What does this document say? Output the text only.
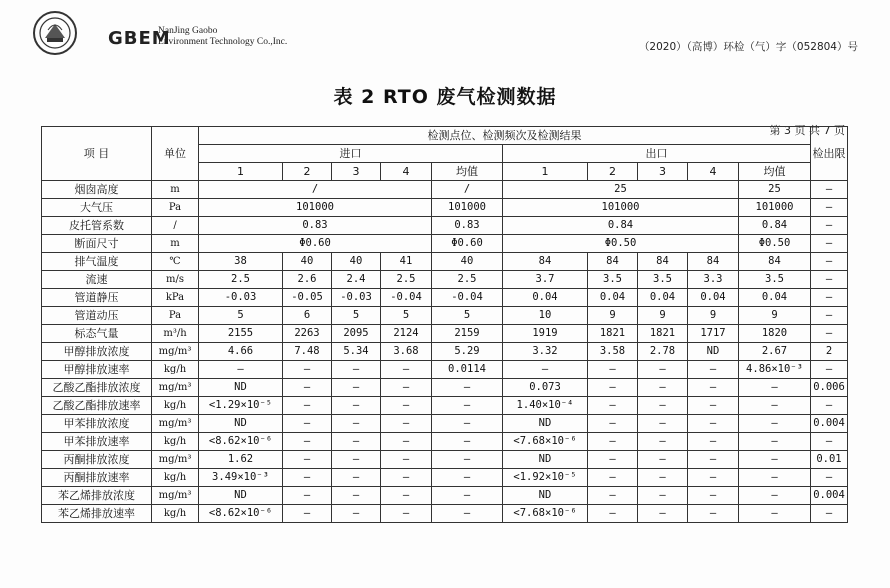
GBEM
NanJing Gaobo
Environment Technology Co.,Inc.	（2020）（高博）环检（气）字（052804）号
表 2 RTO 废气检测数据
第 3 页 共 7 页
项 目	单位	检测点位、检测频次及检测结果										检出限
		进口					出口					
		1	2	3	4	均值	1	2	3	4	均值	
烟囱高度	m	/				/	25				25	–
大气压	Pa	101000				101000	101000				101000	–
皮托管系数	/	0.83				0.83	0.84				0.84	–
断面尺寸	m	Φ0.60				Φ0.60	Φ0.50				Φ0.50	–
排气温度	℃	38	40	40	41	40	84	84	84	84	84	–
流速	m/s	2.5	2.6	2.4	2.5	2.5	3.7	3.5	3.5	3.3	3.5	–
管道静压	kPa	-0.03	-0.05	-0.03	-0.04	-0.04	0.04	0.04	0.04	0.04	0.04	–
管道动压	Pa	5	6	5	5	5	10	9	9	9	9	–
标态气量	m³/h	2155	2263	2095	2124	2159	1919	1821	1821	1717	1820	–
甲醇排放浓度	mg/m³	4.66	7.48	5.34	3.68	5.29	3.32	3.58	2.78	ND	2.67	2
甲醇排放速率	kg/h	–	–	–	–	0.0114	–	–	–	–	4.86×10⁻³	–
乙酸乙酯排放浓度	mg/m³	ND	–	–	–	–	0.073	–	–	–	–	0.006
乙酸乙酯排放速率	kg/h	<1.29×10⁻⁵	–	–	–	–	1.40×10⁻⁴	–	–	–	–	–
甲苯排放浓度	mg/m³	ND	–	–	–	–	ND	–	–	–	–	0.004
甲苯排放速率	kg/h	<8.62×10⁻⁶	–	–	–	–	<7.68×10⁻⁶	–	–	–	–	–
丙酮排放浓度	mg/m³	1.62	–	–	–	–	ND	–	–	–	–	0.01
丙酮排放速率	kg/h	3.49×10⁻³	–	–	–	–	<1.92×10⁻⁵	–	–	–	–	–
苯乙烯排放浓度	mg/m³	ND	–	–	–	–	ND	–	–	–	–	0.004
苯乙烯排放速率	kg/h	<8.62×10⁻⁶	–	–	–	–	<7.68×10⁻⁶	–	–	–	–	–
